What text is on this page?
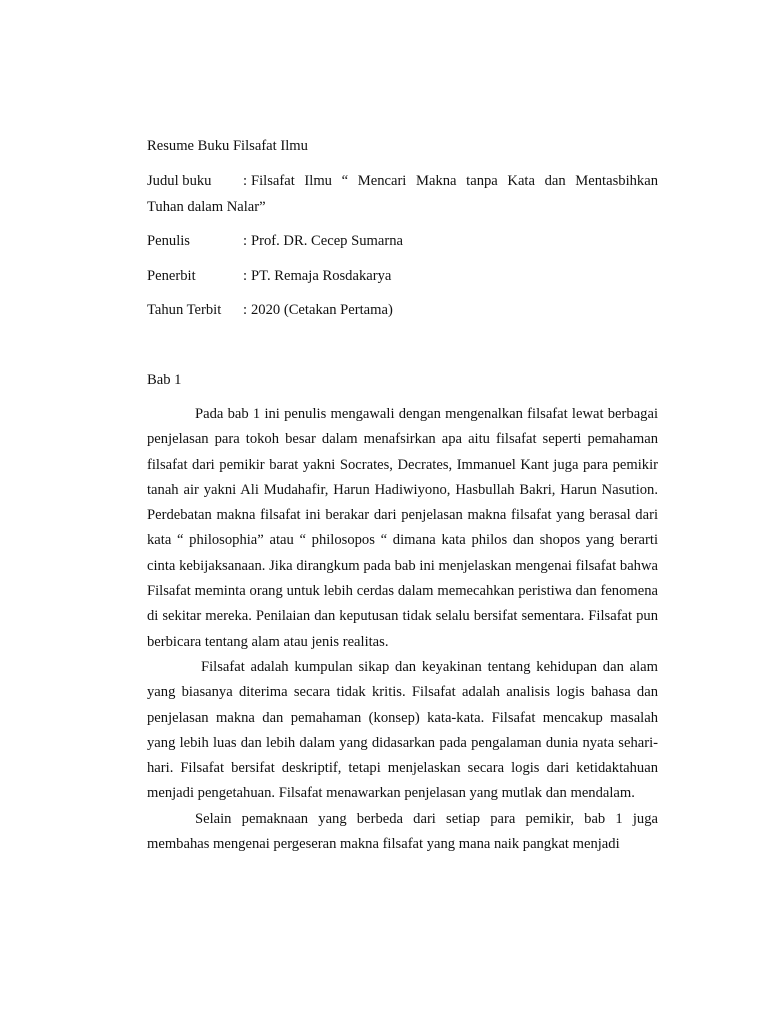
Resume Buku Filsafat Ilmu
Judul buku	: Filsafat Ilmu “ Mencari Makna tanpa Kata dan Mentasbihkan
Tuhan dalam Nalar”
Penulis	: Prof. DR. Cecep Sumarna
Penerbit	: PT. Remaja Rosdakarya
Tahun Terbit	: 2020 (Cetakan Pertama)
Bab 1

Pada bab 1 ini penulis mengawali dengan mengenalkan filsafat lewat berbagai penjelasan para tokoh besar dalam menafsirkan apa aitu filsafat seperti pemahaman filsafat dari pemikir barat yakni Socrates, Decrates, Immanuel Kant juga para pemikir tanah air yakni Ali Mudahafir, Harun Hadiwiyono, Hasbullah Bakri, Harun Nasution. Perdebatan makna filsafat ini berakar dari penjelasan makna filsafat yang berasal dari kata “ philosophia” atau “ philosopos “ dimana kata philos dan shopos yang berarti cinta kebijaksanaan. Jika dirangkum pada bab ini menjelaskan mengenai filsafat bahwa Filsafat meminta orang untuk lebih cerdas dalam memecahkan peristiwa dan fenomena di sekitar mereka. Penilaian dan keputusan tidak selalu bersifat sementara. Filsafat pun berbicara tentang alam atau jenis realitas.

Filsafat adalah kumpulan sikap dan keyakinan tentang kehidupan dan alam yang biasanya diterima secara tidak kritis. Filsafat adalah analisis logis bahasa dan penjelasan makna dan pemahaman (konsep) kata-kata. Filsafat mencakup masalah yang lebih luas dan lebih dalam yang didasarkan pada pengalaman dunia nyata sehari-hari. Filsafat bersifat deskriptif, tetapi menjelaskan secara logis dari ketidaktahuan menjadi pengetahuan. Filsafat menawarkan penjelasan yang mutlak dan mendalam.

Selain pemaknaan yang berbeda dari setiap para pemikir, bab 1 juga membahas mengenai pergeseran makna filsafat yang mana naik pangkat menjadi
